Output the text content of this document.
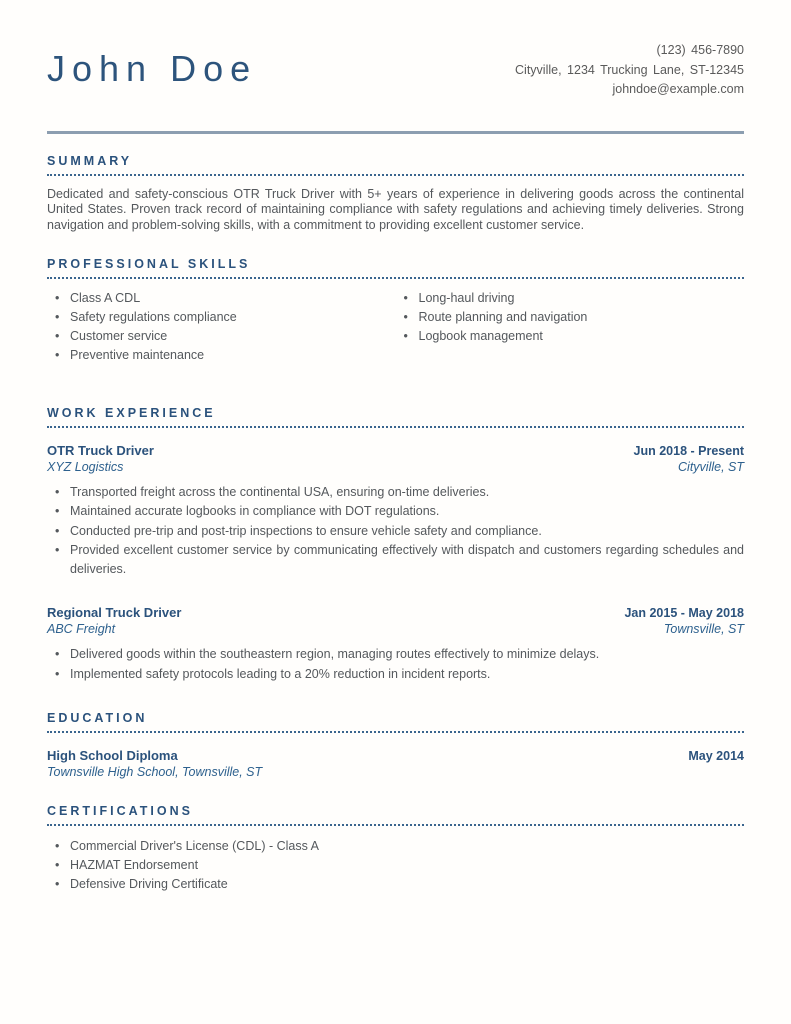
John Doe	(123) 456-7890
Cityville, 1234 Trucking Lane, ST-12345
johndoe@example.com
SUMMARY

Dedicated and safety-conscious OTR Truck Driver with 5+ years of experience in delivering goods across the continental United States. Proven track record of maintaining compliance with safety regulations and achieving timely deliveries. Strong navigation and problem-solving skills, with a commitment to providing excellent customer service.

PROFESSIONAL SKILLS
• Class A CDL
• Safety regulations compliance
• Customer service
• Preventive maintenance
• Long-haul driving
• Route planning and navigation
• Logbook management
WORK EXPERIENCE
OTR Truck Driver	Jun 2018 - Present
XYZ Logistics	Cityville, ST
• Transported freight across the continental USA, ensuring on-time deliveries.
• Maintained accurate logbooks in compliance with DOT regulations.
• Conducted pre-trip and post-trip inspections to ensure vehicle safety and compliance.
• Provided excellent customer service by communicating effectively with dispatch and customers regarding schedules and deliveries.
Regional Truck Driver	Jan 2015 - May 2018
ABC Freight	Townsville, ST
• Delivered goods within the southeastern region, managing routes effectively to minimize delays.
• Implemented safety protocols leading to a 20% reduction in incident reports.
EDUCATION
High School Diploma	May 2014
Townsville High School, Townsville, ST
CERTIFICATIONS
• Commercial Driver's License (CDL) - Class A
• HAZMAT Endorsement
• Defensive Driving Certificate
